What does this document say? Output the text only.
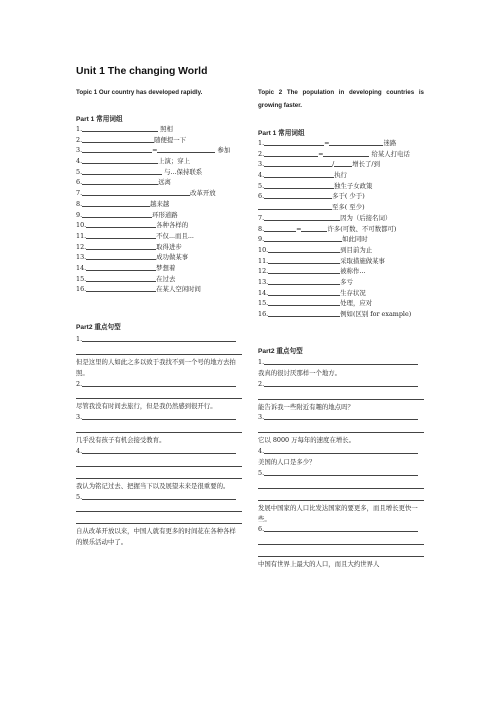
Unit 1 The changing World
Topic 1 Our country has developed rapidly.
Part 1 常用词组
1.	照相
2.	随便提一下
3.	=	参加
4.	上演；穿上
5.	与...保持联系
6.	远离
7.	改革开放
8.	越来越
9.	环形道路
10.	各种各样的
11.	不仅...而且...
12.	取得进步
13.	成功做某事
14.	梦想着
15.	在过去
16.	在某人空闲时间
Part2 重点句型
1.
但是这里的人如此之多以致于我找不到一个号的地方去拍照。
2.
尽管我没有时间去旅行，但是我仍然感到很开行。
3.
几乎没有孩子有机会接受教育。
4.
我认为铭记过去、把握当下以及展望未来是很重要的。
5.
自从改革开放以来，中国人就有更多的时间花在各种各样的娱乐活动中了。
Topic 2 The population in developing countries is growing faster.
Part 1 常用词组
1.	=	迷路
2.	=	给某人打电话
3.	/	增长了/到
4.	执行
5.	独生子女政策
6.	多于( 少于)
至多( 至少)
7.	因为（后接名词）
8.	=	许多(可数、不可数都可)
9.	如此同时
10.	到目前为止
11.	采取措施做某事
12.	被称作...
13.	多亏
14.	生存状况
15.	处理，应对
16.	例如(区别 for example)
Part2 重点句型
1.
我真的很讨厌那样一个地方。
2.
能告诉我一些附近有趣的地点吗？
3.
它以 8000 万每年的速度在增长。
4.
美国的人口是多少？
5.
发展中国家的人口比发达国家的要更多，而且增长更快一些。
6.
中国有世界上最大的人口，而且大约世界人
